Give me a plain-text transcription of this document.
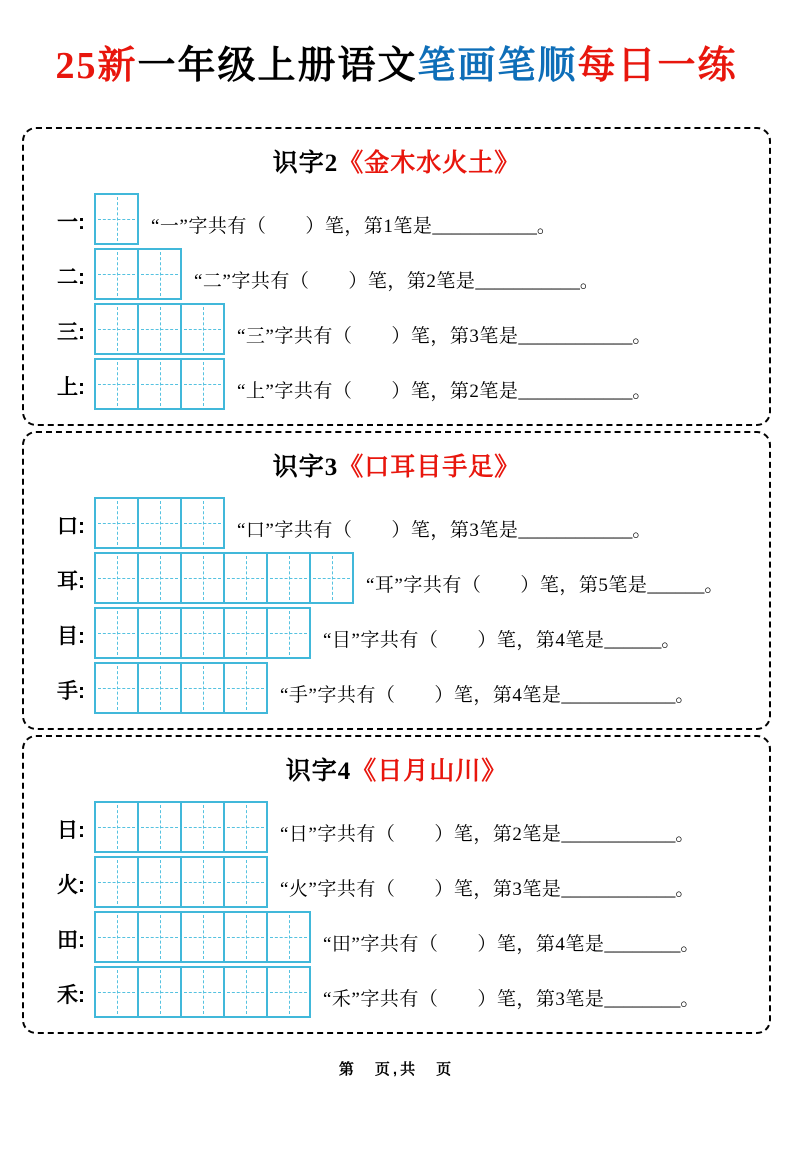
25新一年级上册语文笔画笔顺每日一练
识字2《金木水火土》
一:	“一”字共有（　　）笔，第1笔是___________。
二:	“二”字共有（　　）笔，第2笔是___________。
三:	“三”字共有（　　）笔，第3笔是____________。
上:	“上”字共有（　　）笔，第2笔是____________。
识字3《口耳目手足》
口:	“口”字共有（　　）笔，第3笔是____________。
耳:	“耳”字共有（　　）笔，第5笔是______。
目:	“目”字共有（　　）笔，第4笔是______。
手:	“手”字共有（　　）笔，第4笔是____________。
识字4《日月山川》
日:	“日”字共有（　　）笔，第2笔是____________。
火:	“火”字共有（　　）笔，第3笔是____________。
田:	“田”字共有（　　）笔，第4笔是________。
禾:	“禾”字共有（　　）笔，第3笔是________。
第　页,共　页
